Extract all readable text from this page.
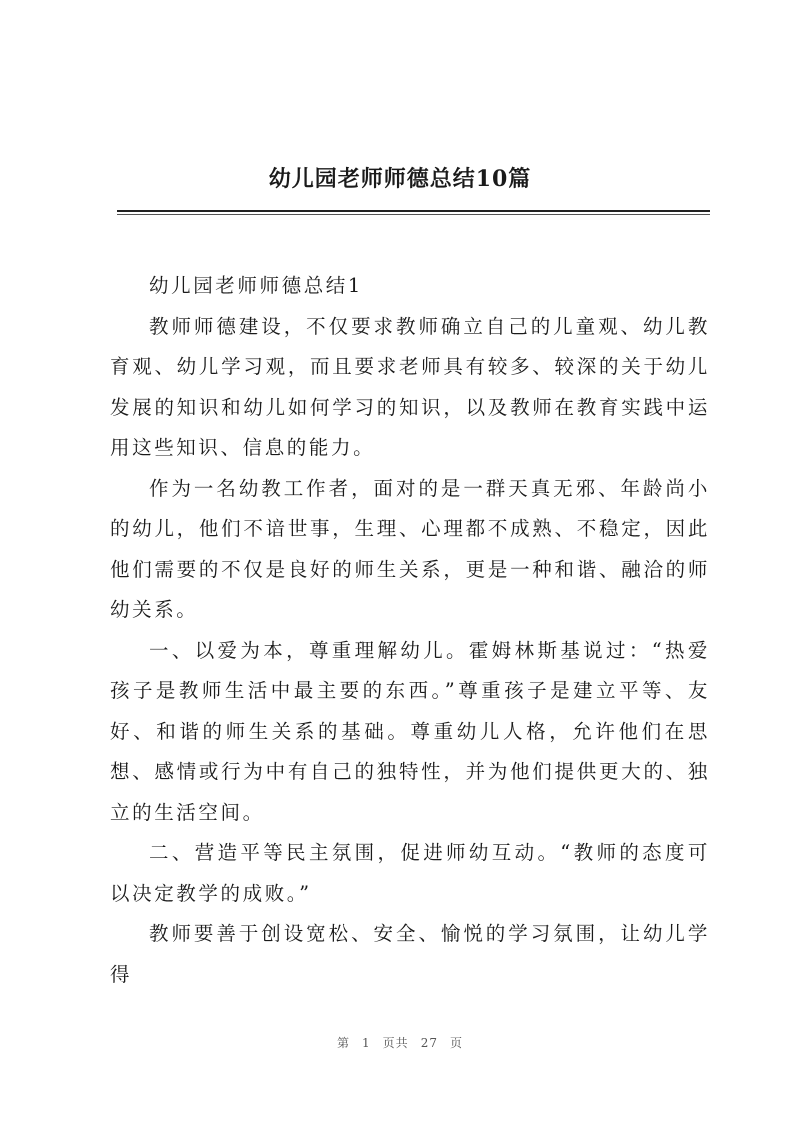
幼儿园老师师德总结10篇

幼儿园老师师德总结1

教师师德建设，不仅要求教师确立自己的儿童观、幼儿教育观、幼儿学习观，而且要求老师具有较多、较深的关于幼儿发展的知识和幼儿如何学习的知识，以及教师在教育实践中运用这些知识、信息的能力。

作为一名幼教工作者，面对的是一群天真无邪、年龄尚小的幼儿，他们不谙世事，生理、心理都不成熟、不稳定，因此他们需要的不仅是良好的师生关系，更是一种和谐、融洽的师幼关系。

一、以爱为本，尊重理解幼儿。霍姆林斯基说过：“热爱孩子是教师生活中最主要的东西。”尊重孩子是建立平等、友好、和谐的师生关系的基础。尊重幼儿人格，允许他们在思想、感情或行为中有自己的独特性，并为他们提供更大的、独立的生活空间。

二、营造平等民主氛围，促进师幼互动。“教师的态度可以决定教学的成败。”

教师要善于创设宽松、安全、愉悦的学习氛围，让幼儿学得

第 1 页共 27 页
